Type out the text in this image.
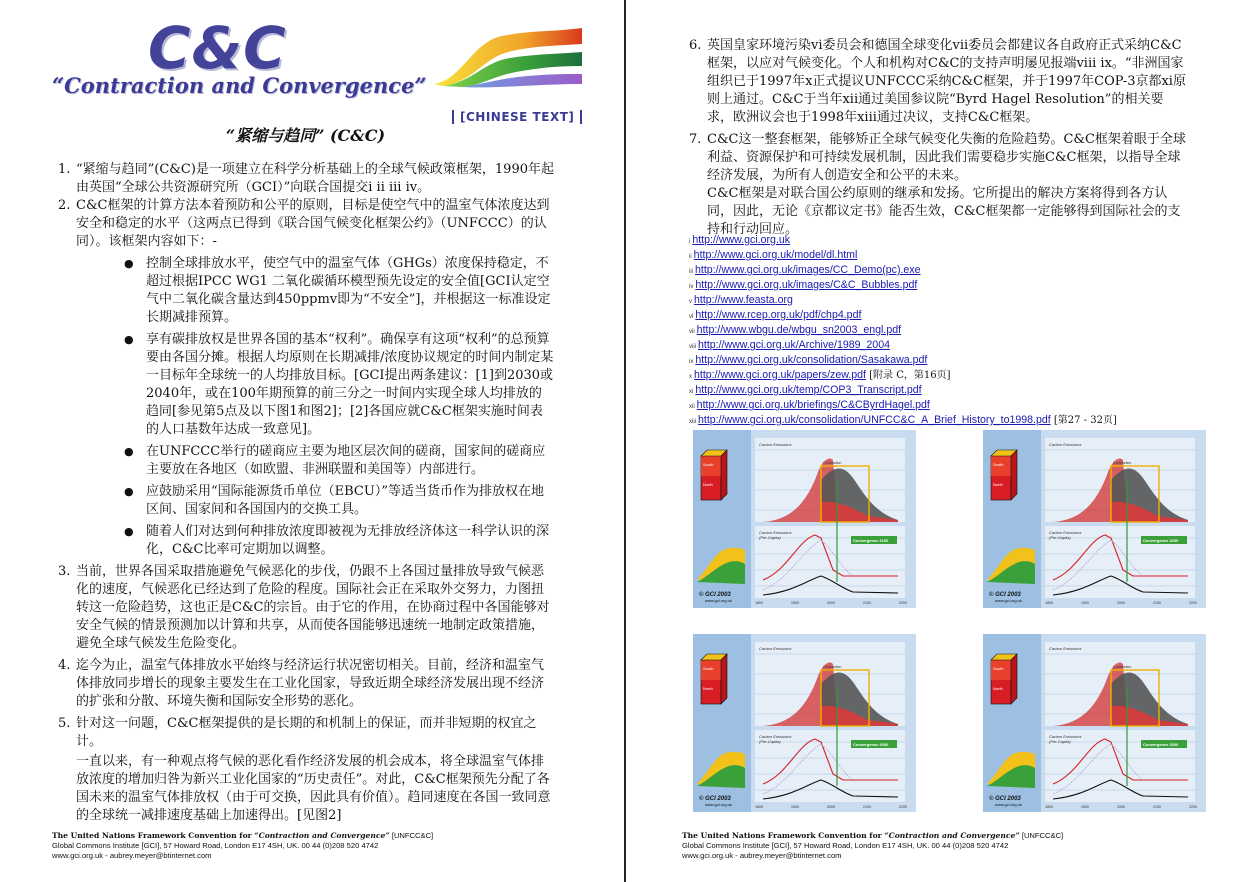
C&C
“Contraction and Convergence”
[CHINESE TEXT]
“紧缩与趋同” (C&C)
1. “紧缩与趋同”(C&C)是一项建立在科学分析基础上的全球气候政策框架，1990年起由英国“全球公共资源研究所（GCI）”向联合国提交i ii iii iv。
2. C&C框架的计算方法本着预防和公平的原则，目标是使空气中的温室气体浓度达到安全和稳定的水平（这两点已得到《联合国气候变化框架公约》（UNFCCC）的认同）。该框架内容如下：-
● 控制全球排放水平，使空气中的温室气体（GHGs）浓度保持稳定，不超过根据IPCC WG1 二氧化碳循环模型预先设定的安全值[GCI认定空气中二氧化碳含量达到450ppmv即为“不安全”]，并根据这一标准设定长期减排预算。
● 享有碳排放权是世界各国的基本“权利”。确保享有这项“权利”的总预算要由各国分摊。根据人均原则在长期减排/浓度协议规定的时间内制定某一目标年全球统一的人均排放目标。[GCI提出两条建议：[1]到2030或2040年，或在100年期预算的前三分之一时间内实现全球人均排放的趋同[参见第5点及以下图1和图2]；[2]各国应就C&C框架实施时间表的人口基数年达成一致意见]。
● 在UNFCCC举行的磋商应主要为地区层次间的磋商，国家间的磋商应主要放在各地区（如欧盟、非洲联盟和美国等）内部进行。
● 应鼓励采用“国际能源货币单位（EBCU）”等适当货币作为排放权在地区间、国家间和各国国内的交换工具。
● 随着人们对达到何种排放浓度即被视为无排放经济体这一科学认识的深化，C&C比率可定期加以调整。
3. 当前，世界各国采取措施避免气候恶化的步伐，仍跟不上各国过量排放导致气候恶化的速度，气候恶化已经达到了危险的程度。国际社会正在采取外交努力，力图扭转这一危险趋势，这也正是C&C的宗旨。由于它的作用，在协商过程中各国能够对安全气候的情景预测加以计算和共享，从而使各国能够迅速统一地制定政策措施，避免全球气候发生危险变化。
4. 迄今为止，温室气体排放水平始终与经济运行状况密切相关。目前，经济和温室气体排放同步增长的现象主要发生在工业化国家，导致近期全球经济发展出现不经济的扩张和分散、环境失衡和国际安全形势的恶化。
5. 针对这一问题，C&C框架提供的是长期的和机制上的保证，而并非短期的权宜之计。
一直以来，有一种观点将气候的恶化看作经济发展的机会成本，将全球温室气体排放浓度的增加归咎为新兴工业化国家的“历史责任”。对此，C&C框架预先分配了各国未来的温室气体排放权（由于可交换，因此具有价值）。趋同速度在各国一致同意的全球统一减排速度基础上加速得出。[见图2]
The United Nations Framework Convention for “Contraction and Convergence” [UNFCC&C]
Global Commons Institute [GCI], 57 Howard Road, London E17 4SH, UK. 00 44 (0)208 520 4742
www.gci.org.uk - aubrey.meyer@btinternet.com
6. 英国皇家环境污染vi委员会和德国全球变化vii委员会都建议各自政府正式采纳C&C框架，以应对气候变化。个人和机构对C&C的支持声明屡见报端viii ix。“非洲国家组织已于1997年x正式提议UNFCCC采纳C&C框架，并于1997年COP-3京都xi原则上通过。C&C于当年xii通过美国参议院“Byrd Hagel Resolution”的相关要求，欧洲议会也于1998年xiii通过决议，支持C&C框架。
7. C&C这一整套框架，能够矫正全球气候变化失衡的危险趋势。C&C框架着眼于全球利益、资源保护和可持续发展机制，因此我们需要稳步实施C&C框架，以指导全球经济发展，为所有人创造安全和公平的未来。
C&C框架是对联合国公约原则的继承和发扬。它所提出的解决方案将得到各方认同，因此，无论《京都议定书》能否生效，C&C框架都一定能够得到国际社会的支持和行动回应。
i http://www.gci.org.uk
ii http://www.gci.org.uk/model/dl.html
iii http://www.gci.org.uk/images/CC_Demo(pc).exe
iv http://www.gci.org.uk/images/C&C_Bubbles.pdf
v http://www.feasta.org
vi http://www.rcep.org.uk/pdf/chp4.pdf
vii http://www.wbgu.de/wbgu_sn2003_engl.pdf
viii http://www.gci.org.uk/Archive/1989_2004
ix http://www.gci.org.uk/consolidation/Sasakawa.pdf
x http://www.gci.org.uk/papers/zew.pdf [附录 C，第16页]
xi http://www.gci.org.uk/temp/COP3_Transcript.pdf
xii http://www.gci.org.uk/briefings/C&CByrdHagel.pdf
xiii http://www.gci.org.uk/consolidation/UNFCC&C_A_Brief_History_to1998.pdf [第27 - 32页]
South
North
Contraction
Carbon Emissions
Carbon Emissions
(Per-Capita)
Convergence 2100
1800	1900	2000	2100	2200
© GCI 2003
www.gci.org.uk
South
North
Contraction
Carbon Emissions
Carbon Emissions
(Per-Capita)
Convergence 2030
1800	1900	2000	2100	2200
© GCI 2003
www.gci.org.uk
South
North
Contraction
Carbon Emissions
Carbon Emissions
(Per-Capita)
Convergence 2030
1800	1900	2000	2100	2200
© GCI 2003
www.gci.org.uk
South
North
Contraction
Carbon Emissions
Carbon Emissions
(Per-Capita)
Convergence 2030
1800	1900	2000	2100	2200
© GCI 2003
www.gci.org.uk
The United Nations Framework Convention for “Contraction and Convergence” [UNFCC&C]
Global Commons Institute [GCI], 57 Howard Road, London E17 4SH, UK. 00 44 (0)208 520 4742
www.gci.org.uk - aubrey.meyer@btinternet.com
